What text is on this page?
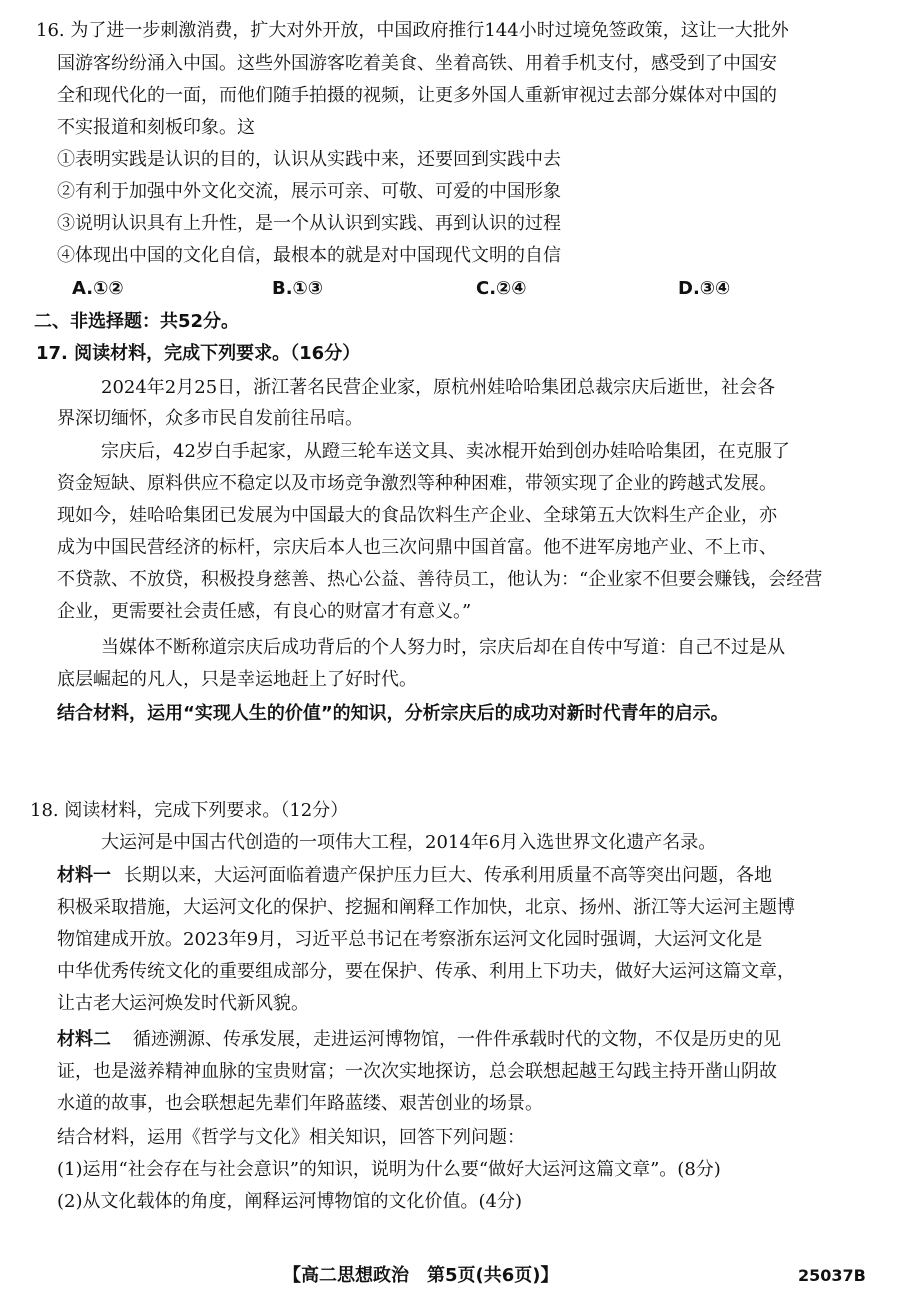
16. 为了进一步刺激消费，扩大对外开放，中国政府推行144小时过境免签政策，这让一大批外
国游客纷纷涌入中国。这些外国游客吃着美食、坐着高铁、用着手机支付，感受到了中国安
全和现代化的一面，而他们随手拍摄的视频，让更多外国人重新审视过去部分媒体对中国的
不实报道和刻板印象。这
①表明实践是认识的目的，认识从实践中来，还要回到实践中去
②有利于加强中外文化交流，展示可亲、可敬、可爱的中国形象
③说明认识具有上升性，是一个从认识到实践、再到认识的过程
④体现出中国的文化自信，最根本的就是对中国现代文明的自信
A.①②	B.①③	C.②④	D.③④
二、非选择题：共52分。
17. 阅读材料，完成下列要求。（16分）
2024年2月25日，浙江著名民营企业家，原杭州娃哈哈集团总裁宗庆后逝世，社会各
界深切缅怀，众多市民自发前往吊唁。
宗庆后，42岁白手起家，从蹬三轮车送文具、卖冰棍开始到创办娃哈哈集团，在克服了
资金短缺、原料供应不稳定以及市场竞争激烈等种种困难，带领实现了企业的跨越式发展。
现如今，娃哈哈集团已发展为中国最大的食品饮料生产企业、全球第五大饮料生产企业，亦
成为中国民营经济的标杆，宗庆后本人也三次问鼎中国首富。他不进军房地产业、不上市、
不贷款、不放贷，积极投身慈善、热心公益、善待员工，他认为：“企业家不但要会赚钱，会经营
企业，更需要社会责任感，有良心的财富才有意义。”
当媒体不断称道宗庆后成功背后的个人努力时，宗庆后却在自传中写道：自己不过是从
底层崛起的凡人，只是幸运地赶上了好时代。
结合材料，运用“实现人生的价值”的知识，分析宗庆后的成功对新时代青年的启示。
18. 阅读材料，完成下列要求。（12分）
大运河是中国古代创造的一项伟大工程，2014年6月入选世界文化遗产名录。
材料一 长期以来，大运河面临着遗产保护压力巨大、传承利用质量不高等突出问题，各地
积极采取措施，大运河文化的保护、挖掘和阐释工作加快，北京、扬州、浙江等大运河主题博
物馆建成开放。2023年9月，习近平总书记在考察浙东运河文化园时强调，大运河文化是
中华优秀传统文化的重要组成部分，要在保护、传承、利用上下功夫，做好大运河这篇文章，
让古老大运河焕发时代新风貌。
材料二 循迹溯源、传承发展，走进运河博物馆，一件件承载时代的文物，不仅是历史的见
证，也是滋养精神血脉的宝贵财富；一次次实地探访，总会联想起越王勾践主持开凿山阴故
水道的故事，也会联想起先辈们年路蓝缕、艰苦创业的场景。
结合材料，运用《哲学与文化》相关知识，回答下列问题：
(1)运用“社会存在与社会意识”的知识，说明为什么要“做好大运河这篇文章”。(8分)
(2)从文化载体的角度，阐释运河博物馆的文化价值。(4分)
【高二思想政治　第5页(共6页)】	25037B
